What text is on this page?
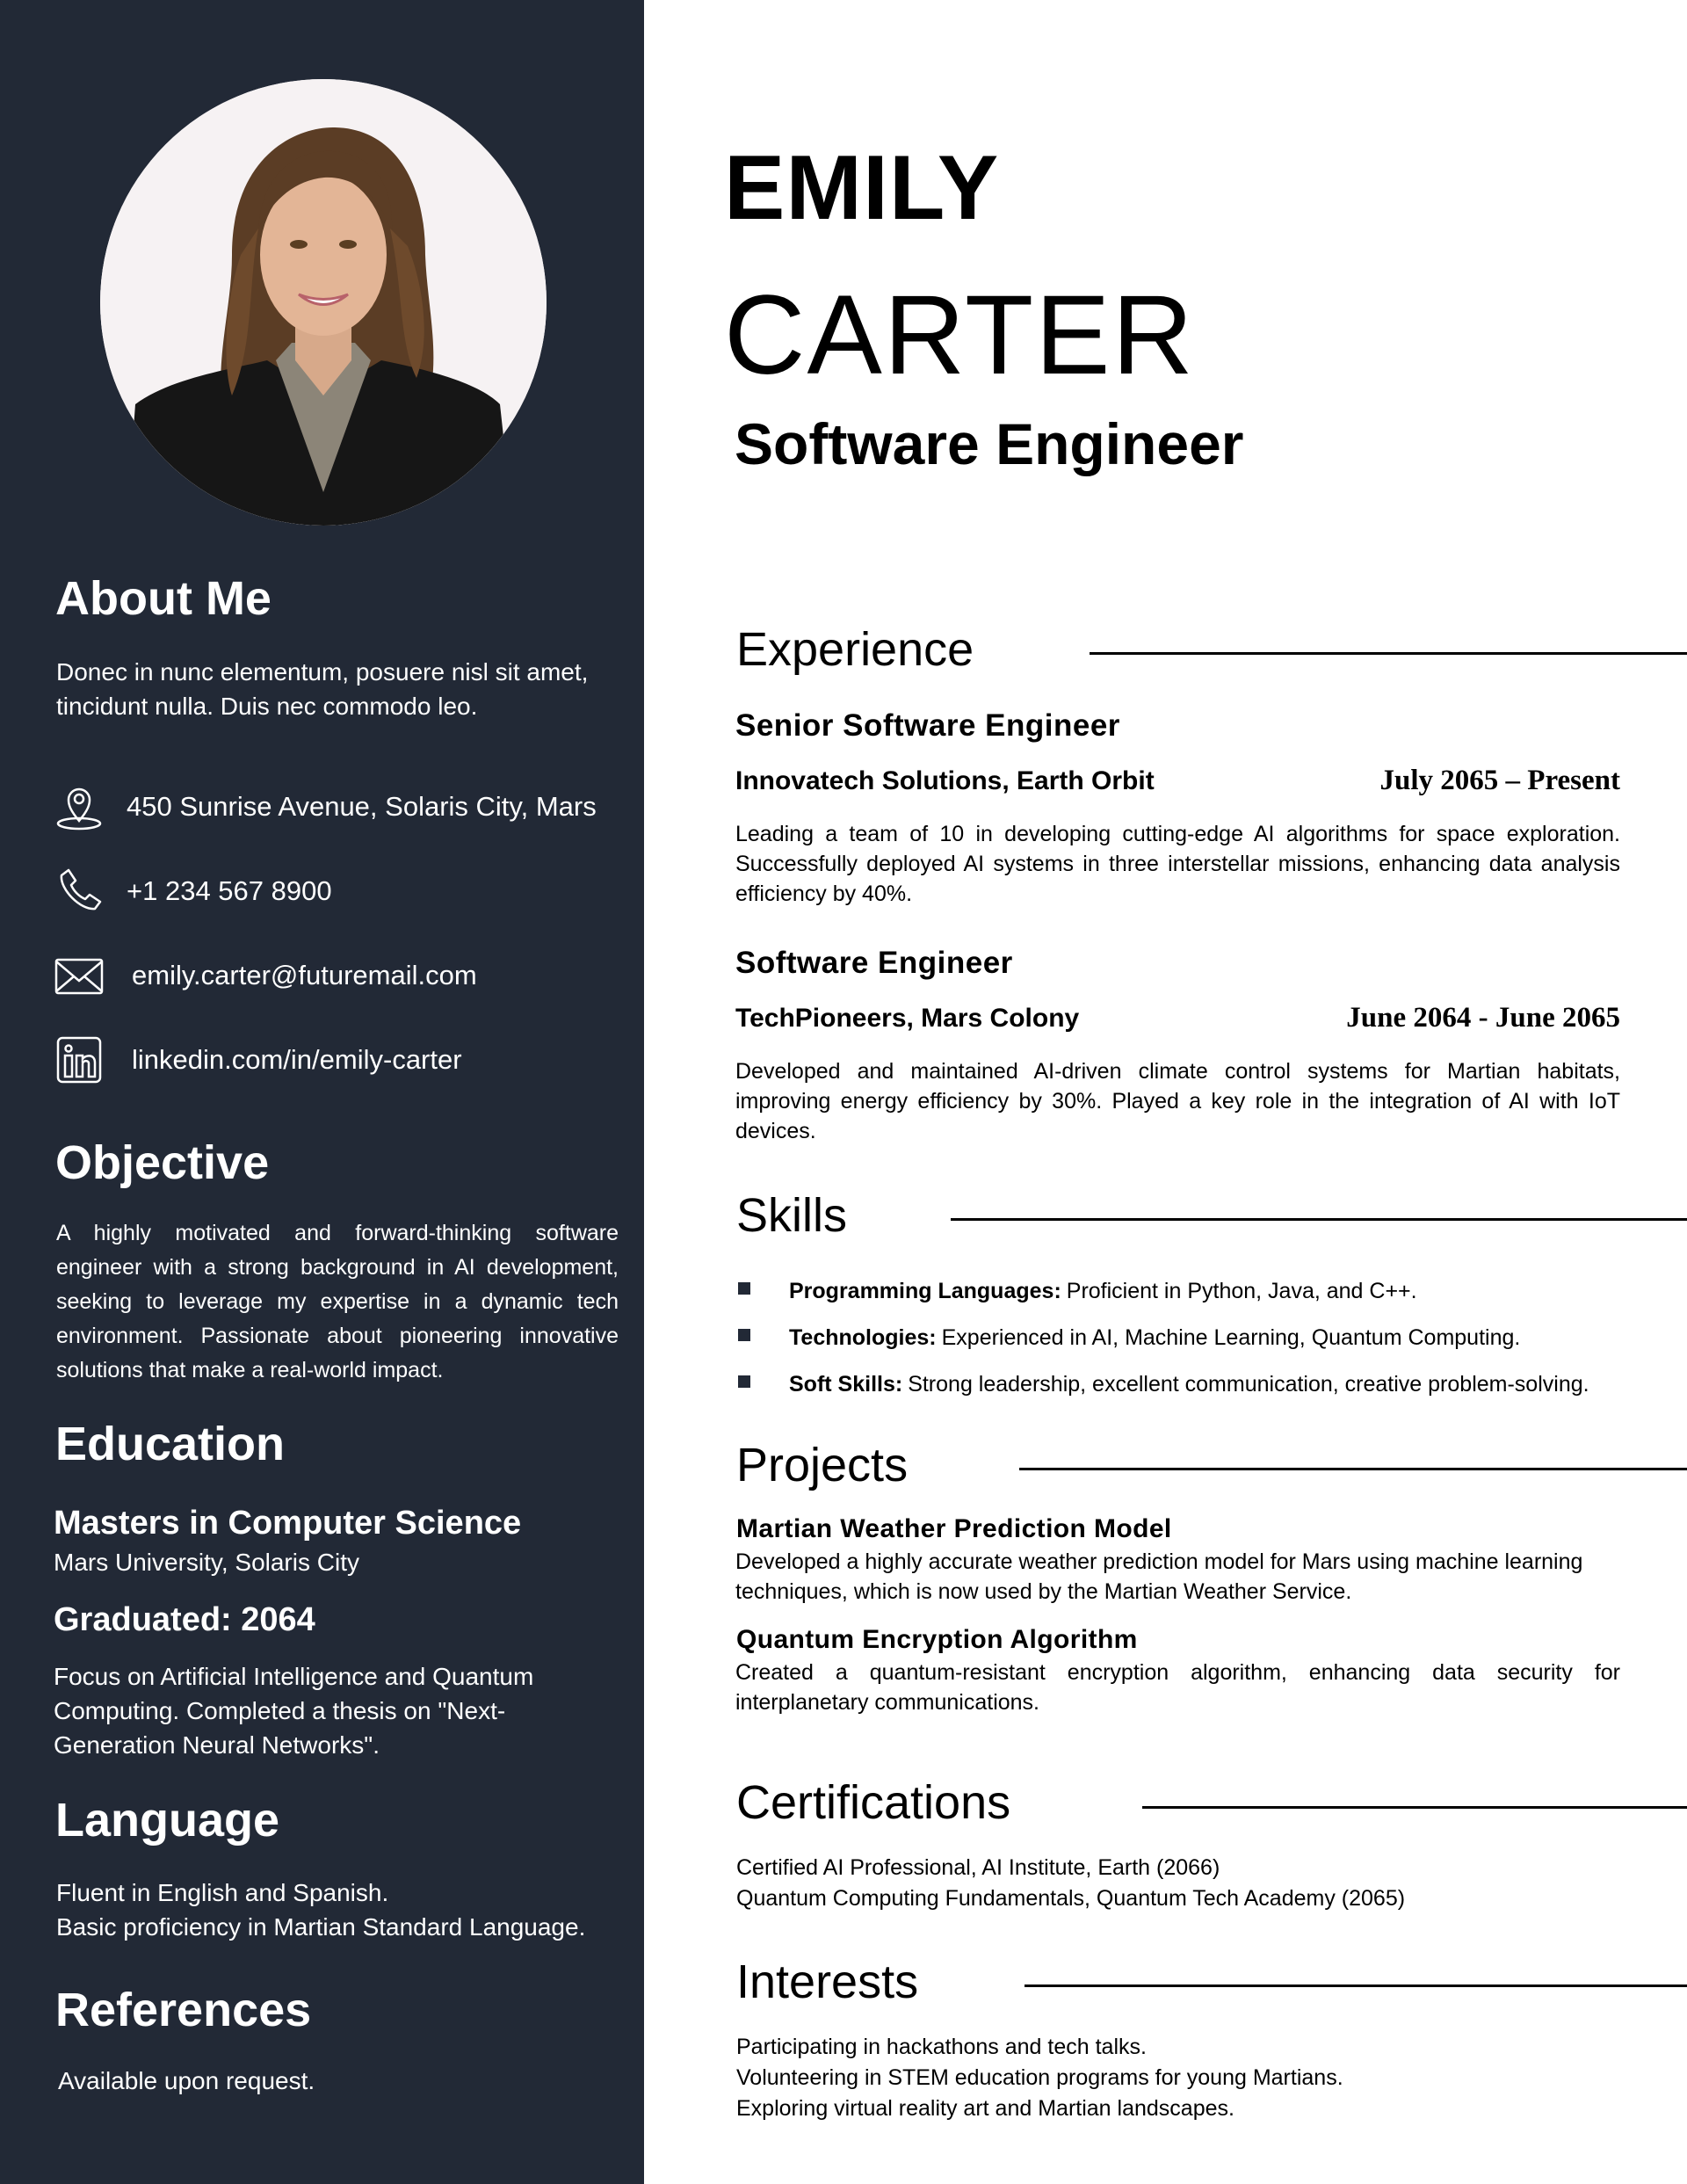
About Me

Donec in nunc elementum, posuere nisl sit amet, tincidunt nulla. Duis nec commodo leo.

450 Sunrise Avenue, Solaris City, Mars
+1 234 567 8900
emily.carter@futuremail.com
linkedin.com/in/emily-carter
Objective

A highly motivated and forward-thinking software engineer with a strong background in AI development, seeking to leverage my expertise in a dynamic tech environment. Passionate about pioneering innovative solutions that make a real-world impact.

Education
Masters in Computer Science
Mars University, Solaris City
Graduated: 2064

Focus on Artificial Intelligence and Quantum Computing. Completed a thesis on "Next-Generation Neural Networks".

Language
Fluent in English and Spanish.
Basic proficiency in Martian Standard Language.
References

Available upon request.

EMILY
CARTER
Software Engineer
Experience
Senior Software Engineer
Innovatech Solutions, Earth Orbit	July 2065 – Present

Leading a team of 10 in developing cutting-edge AI algorithms for space exploration. Successfully deployed AI systems in three interstellar missions, enhancing data analysis efficiency by 40%.

Software Engineer
TechPioneers, Mars Colony	June 2064 - June 2065

Developed and maintained AI-driven climate control systems for Martian habitats, improving energy efficiency by 30%. Played a key role in the integration of AI with IoT devices.

Skills
Programming Languages: Proficient in Python, Java, and C++.
Technologies: Experienced in AI, Machine Learning, Quantum Computing.
Soft Skills: Strong leadership, excellent communication, creative problem-solving.
Projects
Martian Weather Prediction Model

Developed a highly accurate weather prediction model for Mars using machine learning techniques, which is now used by the Martian Weather Service.

Quantum Encryption Algorithm

Created a quantum-resistant encryption algorithm, enhancing data security for interplanetary communications.

Certifications
Certified AI Professional, AI Institute, Earth (2066)
Quantum Computing Fundamentals, Quantum Tech Academy (2065)
Interests
Participating in hackathons and tech talks.
Volunteering in STEM education programs for young Martians.
Exploring virtual reality art and Martian landscapes.
